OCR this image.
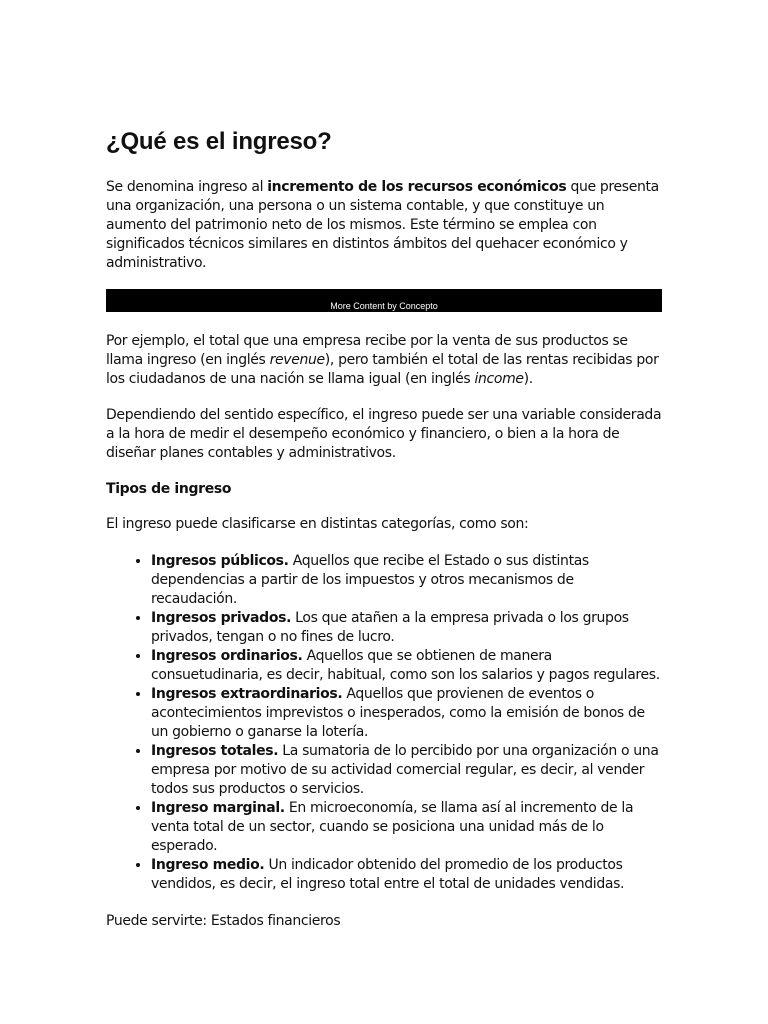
¿Qué es el ingreso?

Se denomina ingreso al incremento de los recursos económicos que presenta una organización, una persona o un sistema contable, y que constituye un aumento del patrimonio neto de los mismos. Este término se emplea con significados técnicos similares en distintos ámbitos del quehacer económico y administrativo.

More Content by Concepto

Por ejemplo, el total que una empresa recibe por la venta de sus productos se llama ingreso (en inglés revenue), pero también el total de las rentas recibidas por los ciudadanos de una nación se llama igual (en inglés income).

Dependiendo del sentido específico, el ingreso puede ser una variable considerada a la hora de medir el desempeño económico y financiero, o bien a la hora de diseñar planes contables y administrativos.

Tipos de ingreso

El ingreso puede clasificarse en distintas categorías, como son:

• Ingresos públicos. Aquellos que recibe el Estado o sus distintas dependencias a partir de los impuestos y otros mecanismos de recaudación.
• Ingresos privados. Los que atañen a la empresa privada o los grupos privados, tengan o no fines de lucro.
• Ingresos ordinarios. Aquellos que se obtienen de manera consuetudinaria, es decir, habitual, como son los salarios y pagos regulares.
• Ingresos extraordinarios. Aquellos que provienen de eventos o acontecimientos imprevistos o inesperados, como la emisión de bonos de un gobierno o ganarse la lotería.
• Ingresos totales. La sumatoria de lo percibido por una organización o una empresa por motivo de su actividad comercial regular, es decir, al vender todos sus productos o servicios.
• Ingreso marginal. En microeconomía, se llama así al incremento de la venta total de un sector, cuando se posiciona una unidad más de lo esperado.
• Ingreso medio. Un indicador obtenido del promedio de los productos vendidos, es decir, el ingreso total entre el total de unidades vendidas.

Puede servirte: Estados financieros
